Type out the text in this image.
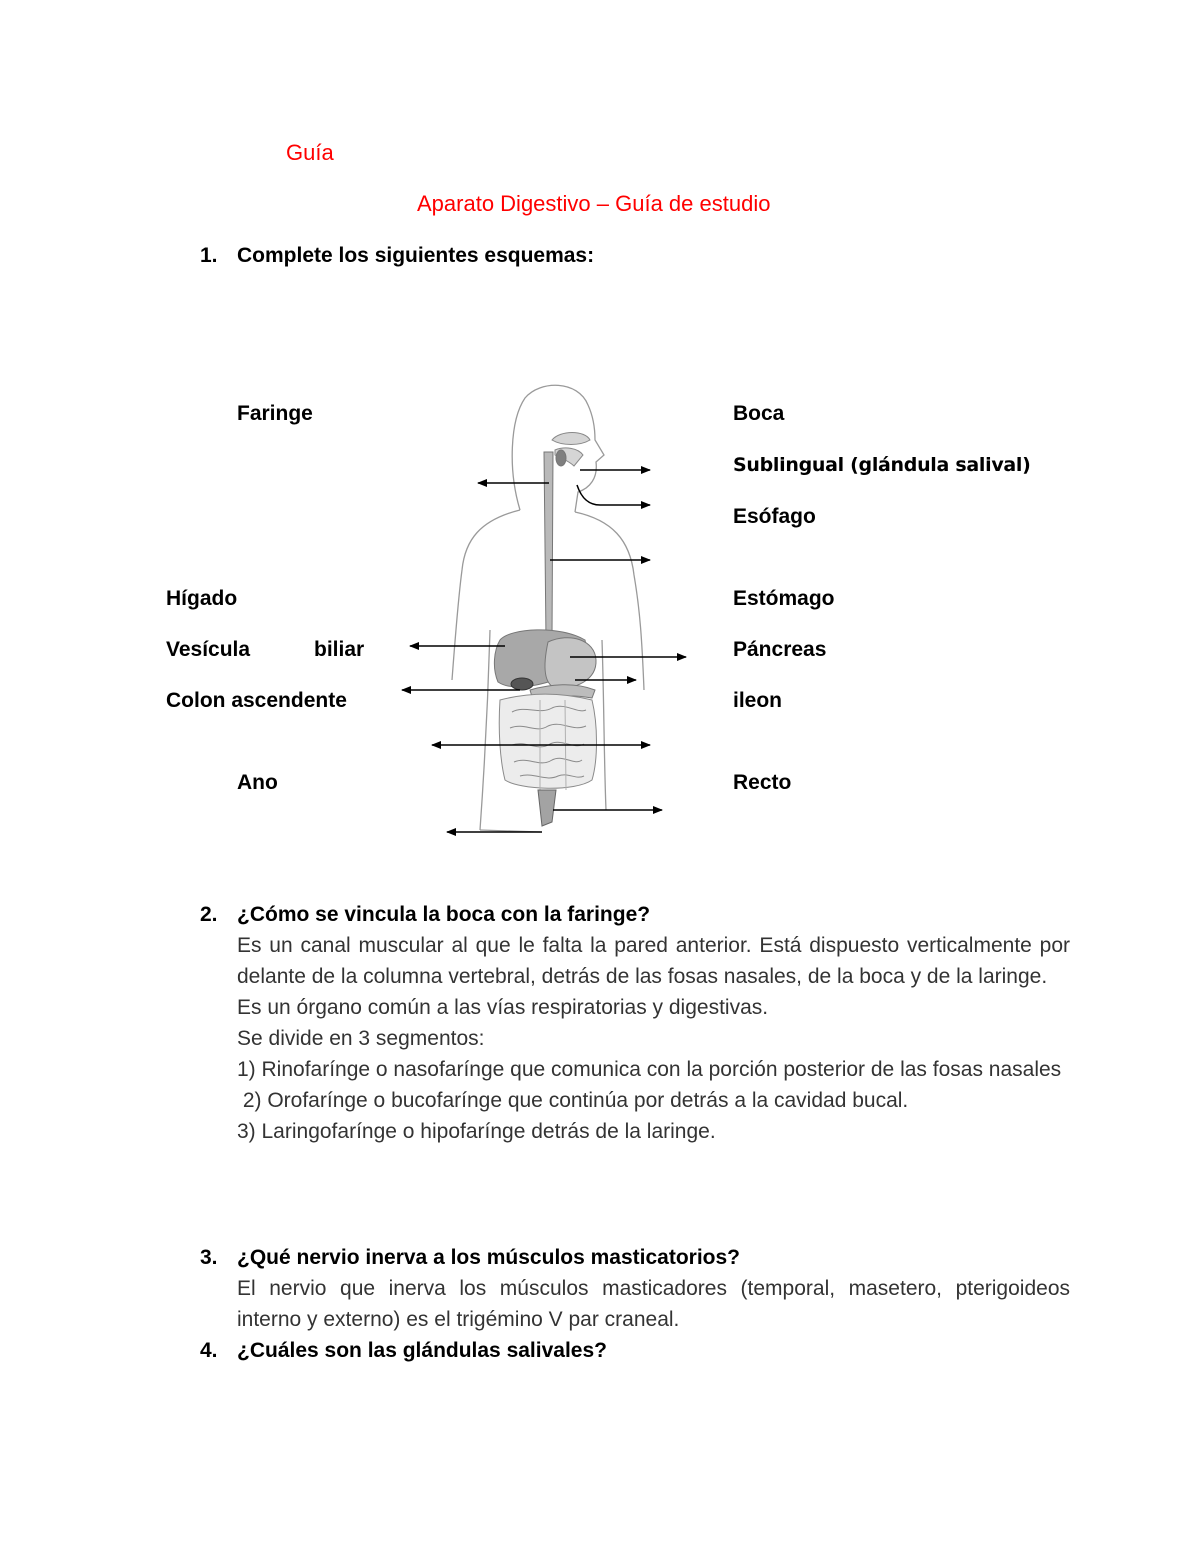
Guía
Aparato Digestivo – Guía de estudio
1. Complete los siguientes esquemas:
Faringe
Hígado
Vesícula	biliar
Colon ascendente
Ano
Boca
Sublingual (glándula salival)
Esófago
Estómago
Páncreas
ileon
Recto
2. ¿Cómo se vincula la boca con la faringe?

Es un canal muscular al que le falta la pared anterior. Está dispuesto verticalmente por delante de la columna vertebral, detrás de las fosas nasales, de la boca y de la laringe.

Es un órgano común a las vías respiratorias y digestivas.

Se divide en 3 segmentos:

1) Rinofarínge o nasofarínge que comunica con la porción posterior de las fosas nasales

2) Orofarínge o bucofarínge que continúa por detrás a la cavidad bucal.

3) Laringofarínge o hipofarínge detrás de la laringe.

3. ¿Qué nervio inerva a los músculos masticatorios?

El nervio que inerva los músculos masticadores (temporal, masetero, pterigoideos interno y externo) es el trigémino V par craneal.

4. ¿Cuáles son las glándulas salivales?
